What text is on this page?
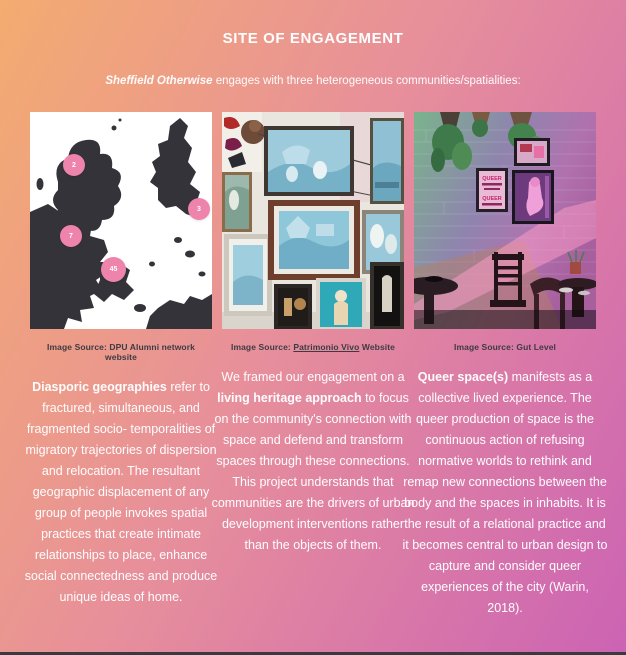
SITE OF ENGAGEMENT

Sheffield Otherwise engages with three heterogeneous communities/spatialities:

2
7
45
3

Image Source: DPU Alumni network website

Diasporic geographies refer to fractured, simultaneous, and fragmented socio- temporalities of migratory trajectories of dispersion and relocation. The resultant geographic displacement of any group of people invokes spatial practices that create intimate relationships to place, enhance social connectedness and produce unique ideas of home.

Image Source: Patrimonio Vivo Website

We framed our engagement on a living heritage approach to focus on the community's connection with space and defend and transform spaces through these connections. This project understands that communities are the drivers of urban development interventions rather than the objects of them.

QUEER
QUEER

Image Source: Gut Level

Queer space(s) manifests as a collective lived experience. The queer production of space is the continuous action of refusing normative worlds to rethink and remap new connections between the body and the spaces in inhabits. It is the result of a relational practice and it becomes central to urban design to capture and consider queer experiences of the city (Warin, 2018).
